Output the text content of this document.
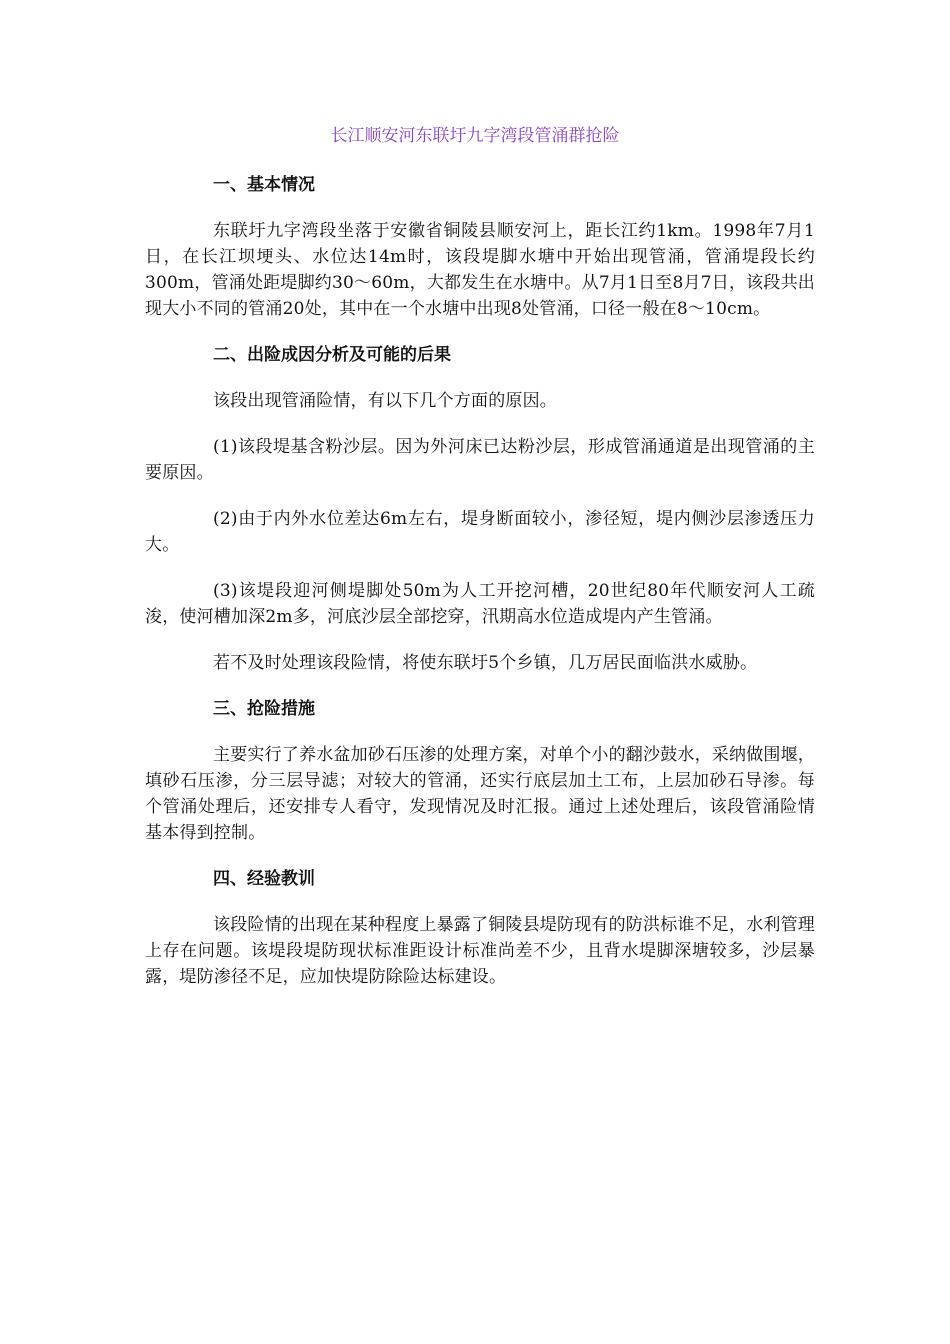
长江顺安河东联圩九字湾段管涌群抢险
一、基本情况

东联圩九字湾段坐落于安徽省铜陵县顺安河上，距长江约1km。1998年7月1日，在长江坝埂头、水位达14m时，该段堤脚水塘中开始出现管涌，管涌堤段长约300m，管涌处距堤脚约30～60m，大都发生在水塘中。从7月1日至8月7日，该段共出现大小不同的管涌20处，其中在一个水塘中出现8处管涌，口径一般在8～10cm。

二、出险成因分析及可能的后果

该段出现管涌险情，有以下几个方面的原因。

(1)该段堤基含粉沙层。因为外河床已达粉沙层，形成管涌通道是出现管涌的主要原因。

(2)由于内外水位差达6m左右，堤身断面较小，渗径短，堤内侧沙层渗透压力大。

(3)该堤段迎河侧堤脚处50m为人工开挖河槽，20世纪80年代顺安河人工疏浚，使河槽加深2m多，河底沙层全部挖穿，汛期高水位造成堤内产生管涌。

若不及时处理该段险情，将使东联圩5个乡镇，几万居民面临洪水威胁。

三、抢险措施

主要实行了养水盆加砂石压渗的处理方案，对单个小的翻沙鼓水，采纳做围堰，填砂石压渗，分三层导滤；对较大的管涌，还实行底层加土工布，上层加砂石导渗。每个管涌处理后，还安排专人看守，发现情况及时汇报。通过上述处理后，该段管涌险情基本得到控制。

四、经验教训

该段险情的出现在某种程度上暴露了铜陵县堤防现有的防洪标谁不足，水利管理上存在问题。该堤段堤防现状标准距设计标准尚差不少，且背水堤脚深塘较多，沙层暴露，堤防渗径不足，应加快堤防除险达标建设。
